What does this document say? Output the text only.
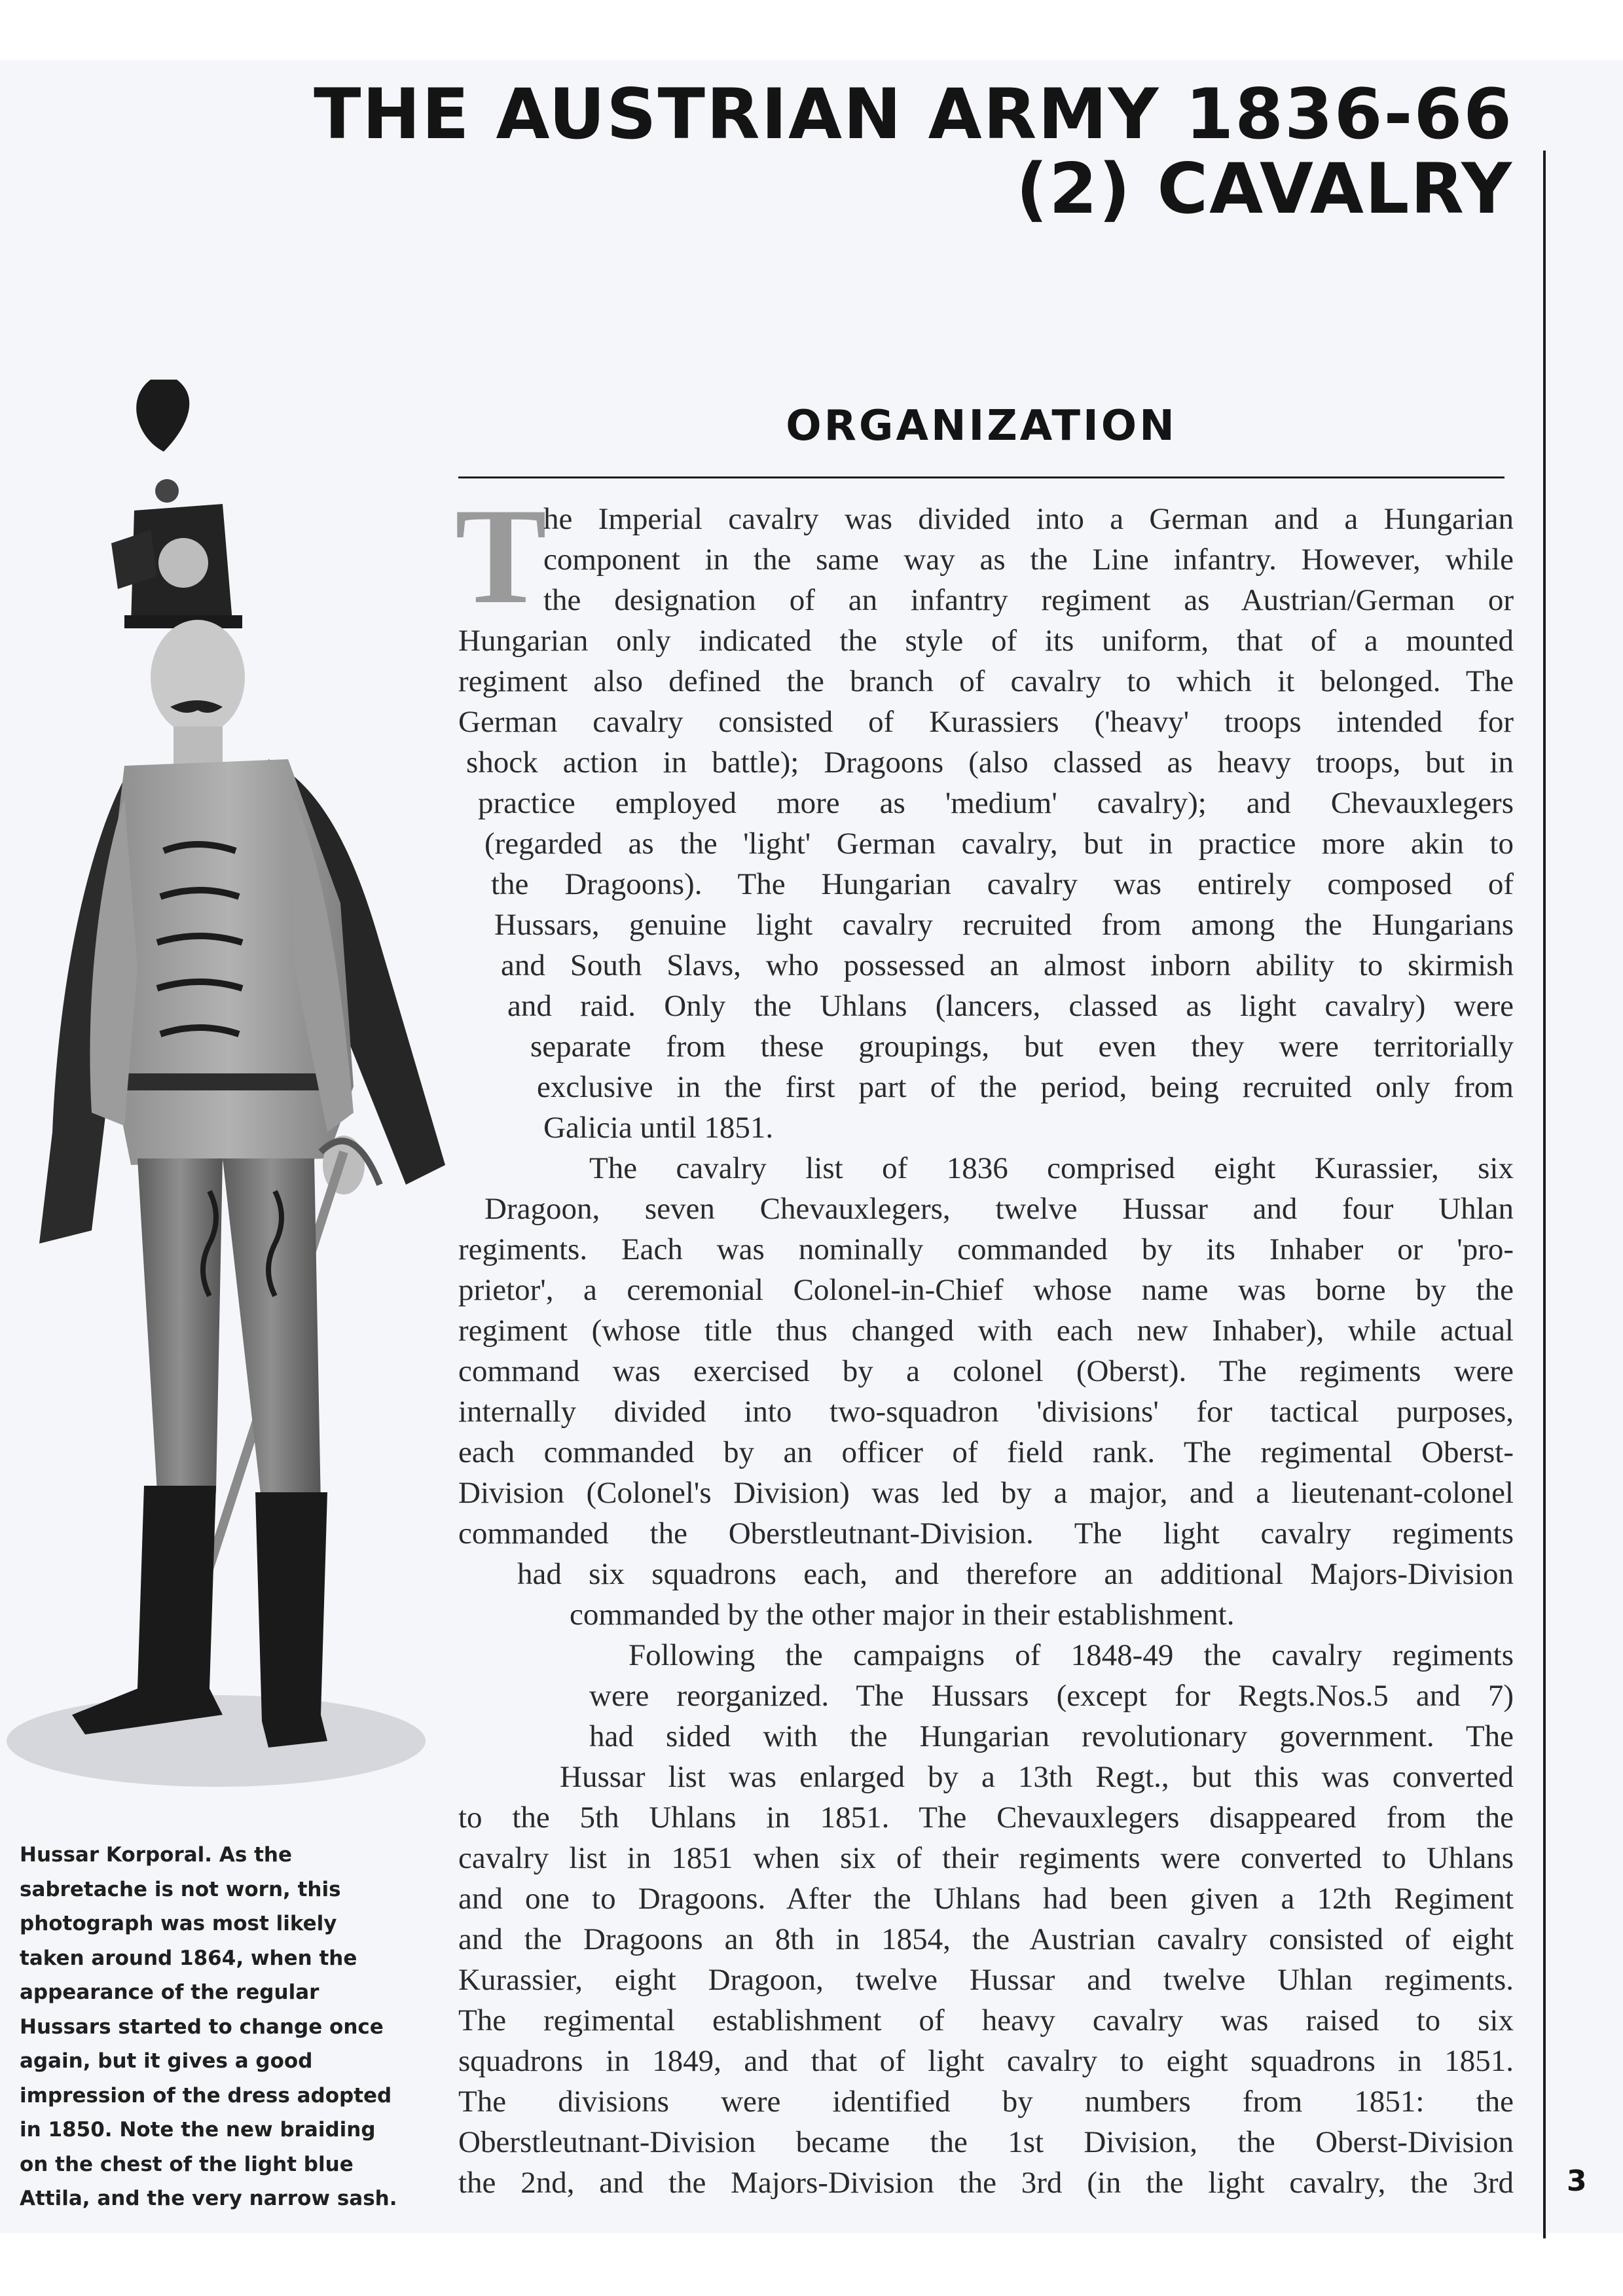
THE AUSTRIAN ARMY 1836-66
(2) CAVALRY

Hussar Korporal. As the
sabretache is not worn, this
photograph was most likely
taken around 1864, when the
appearance of the regular
Hussars started to change once
again, but it gives a good
impression of the dress adopted
in 1850. Note the new braiding
on the chest of the light blue
Attila, and the very narrow sash.

ORGANIZATION
T
he Imperial cavalry was divided into a German and a Hungarian
component in the same way as the Line infantry. However, while
the designation of an infantry regiment as Austrian/German or
Hungarian only indicated the style of its uniform, that of a mounted
regiment also defined the branch of cavalry to which it belonged. The
German cavalry consisted of Kurassiers ('heavy' troops intended for
shock action in battle); Dragoons (also classed as heavy troops, but in
practice employed more as 'medium' cavalry); and Chevauxlegers
(regarded as the 'light' German cavalry, but in practice more akin to
the Dragoons). The Hungarian cavalry was entirely composed of
Hussars, genuine light cavalry recruited from among the Hungarians
and South Slavs, who possessed an almost inborn ability to skirmish
and raid. Only the Uhlans (lancers, classed as light cavalry) were
separate from these groupings, but even they were territorially
exclusive in the first part of the period, being recruited only from
Galicia until 1851.
The cavalry list of 1836 comprised eight Kurassier, six
Dragoon, seven Chevauxlegers, twelve Hussar and four Uhlan
regiments. Each was nominally commanded by its Inhaber or 'pro-
prietor', a ceremonial Colonel-in-Chief whose name was borne by the
regiment (whose title thus changed with each new Inhaber), while actual
command was exercised by a colonel (Oberst). The regiments were
internally divided into two-squadron 'divisions' for tactical purposes,
each commanded by an officer of field rank. The regimental Oberst-
Division (Colonel's Division) was led by a major, and a lieutenant-colonel
commanded the Oberstleutnant-Division. The light cavalry regiments
had six squadrons each, and therefore an additional Majors-Division
commanded by the other major in their establishment.
Following the campaigns of 1848-49 the cavalry regiments
were reorganized. The Hussars (except for Regts.Nos.5 and 7)
had sided with the Hungarian revolutionary government. The
Hussar list was enlarged by a 13th Regt., but this was converted
to the 5th Uhlans in 1851. The Chevauxlegers disappeared from the
cavalry list in 1851 when six of their regiments were converted to Uhlans
and one to Dragoons. After the Uhlans had been given a 12th Regiment
and the Dragoons an 8th in 1854, the Austrian cavalry consisted of eight
Kurassier, eight Dragoon, twelve Hussar and twelve Uhlan regiments.
The regimental establishment of heavy cavalry was raised to six
squadrons in 1849, and that of light cavalry to eight squadrons in 1851.
The divisions were identified by numbers from 1851: the
Oberstleutnant-Division became the 1st Division, the Oberst-Division
the 2nd, and the Majors-Division the 3rd (in the light cavalry, the 3rd 3
